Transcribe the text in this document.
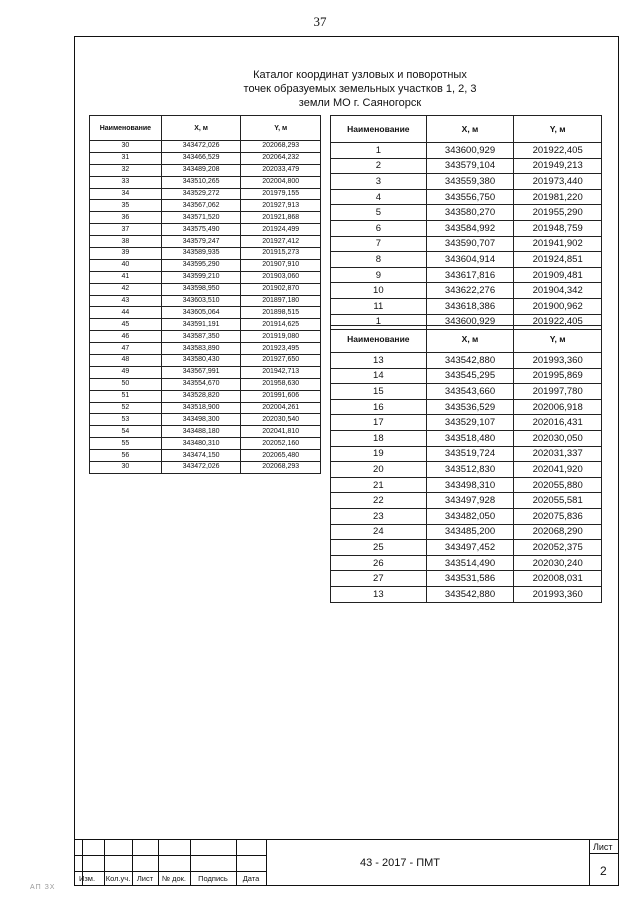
37
Каталог координат узловых и поворотных
точек образуемых земельных участков 1, 2, 3
земли МО г. Саяногорск
Наименование	X, м	Y, м
30	343472,026	202068,293
31	343466,529	202064,232
32	343489,208	202033,479
33	343510,265	202004,800
34	343529,272	201979,155
35	343567,062	201927,913
36	343571,520	201921,868
37	343575,490	201924,499
38	343579,247	201927,412
39	343589,935	201915,273
40	343595,290	201907,910
41	343599,210	201903,060
42	343598,950	201902,870
43	343603,510	201897,180
44	343605,064	201898,515
45	343591,191	201914,625
46	343587,350	201919,080
47	343583,890	201923,495
48	343580,430	201927,650
49	343567,991	201942,713
50	343554,670	201958,630
51	343528,820	201991,606
52	343518,900	202004,261
53	343498,300	202030,540
54	343488,180	202041,810
55	343480,310	202052,160
56	343474,150	202065,480
30	343472,026	202068,293
Наименование	X, м	Y, м
1	343600,929	201922,405
2	343579,104	201949,213
3	343559,380	201973,440
4	343556,750	201981,220
5	343580,270	201955,290
6	343584,992	201948,759
7	343590,707	201941,902
8	343604,914	201924,851
9	343617,816	201909,481
10	343622,276	201904,342
11	343618,386	201900,962
1	343600,929	201922,405
Наименование	X, м	Y, м
13	343542,880	201993,360
14	343545,295	201995,869
15	343543,660	201997,780
16	343536,529	202006,918
17	343529,107	202016,431
18	343518,480	202030,050
19	343519,724	202031,337
20	343512,830	202041,920
21	343498,310	202055,880
22	343497,928	202055,581
23	343482,050	202075,836
24	343485,200	202068,290
25	343497,452	202052,375
26	343514,490	202030,240
27	343531,586	202008,031
13	343542,880	201993,360
Изм.	Кол.уч. Лист	№ док.	Подпись	Дата
43 - 2017 - ПМТ
Лист
2
АП ЗХ
